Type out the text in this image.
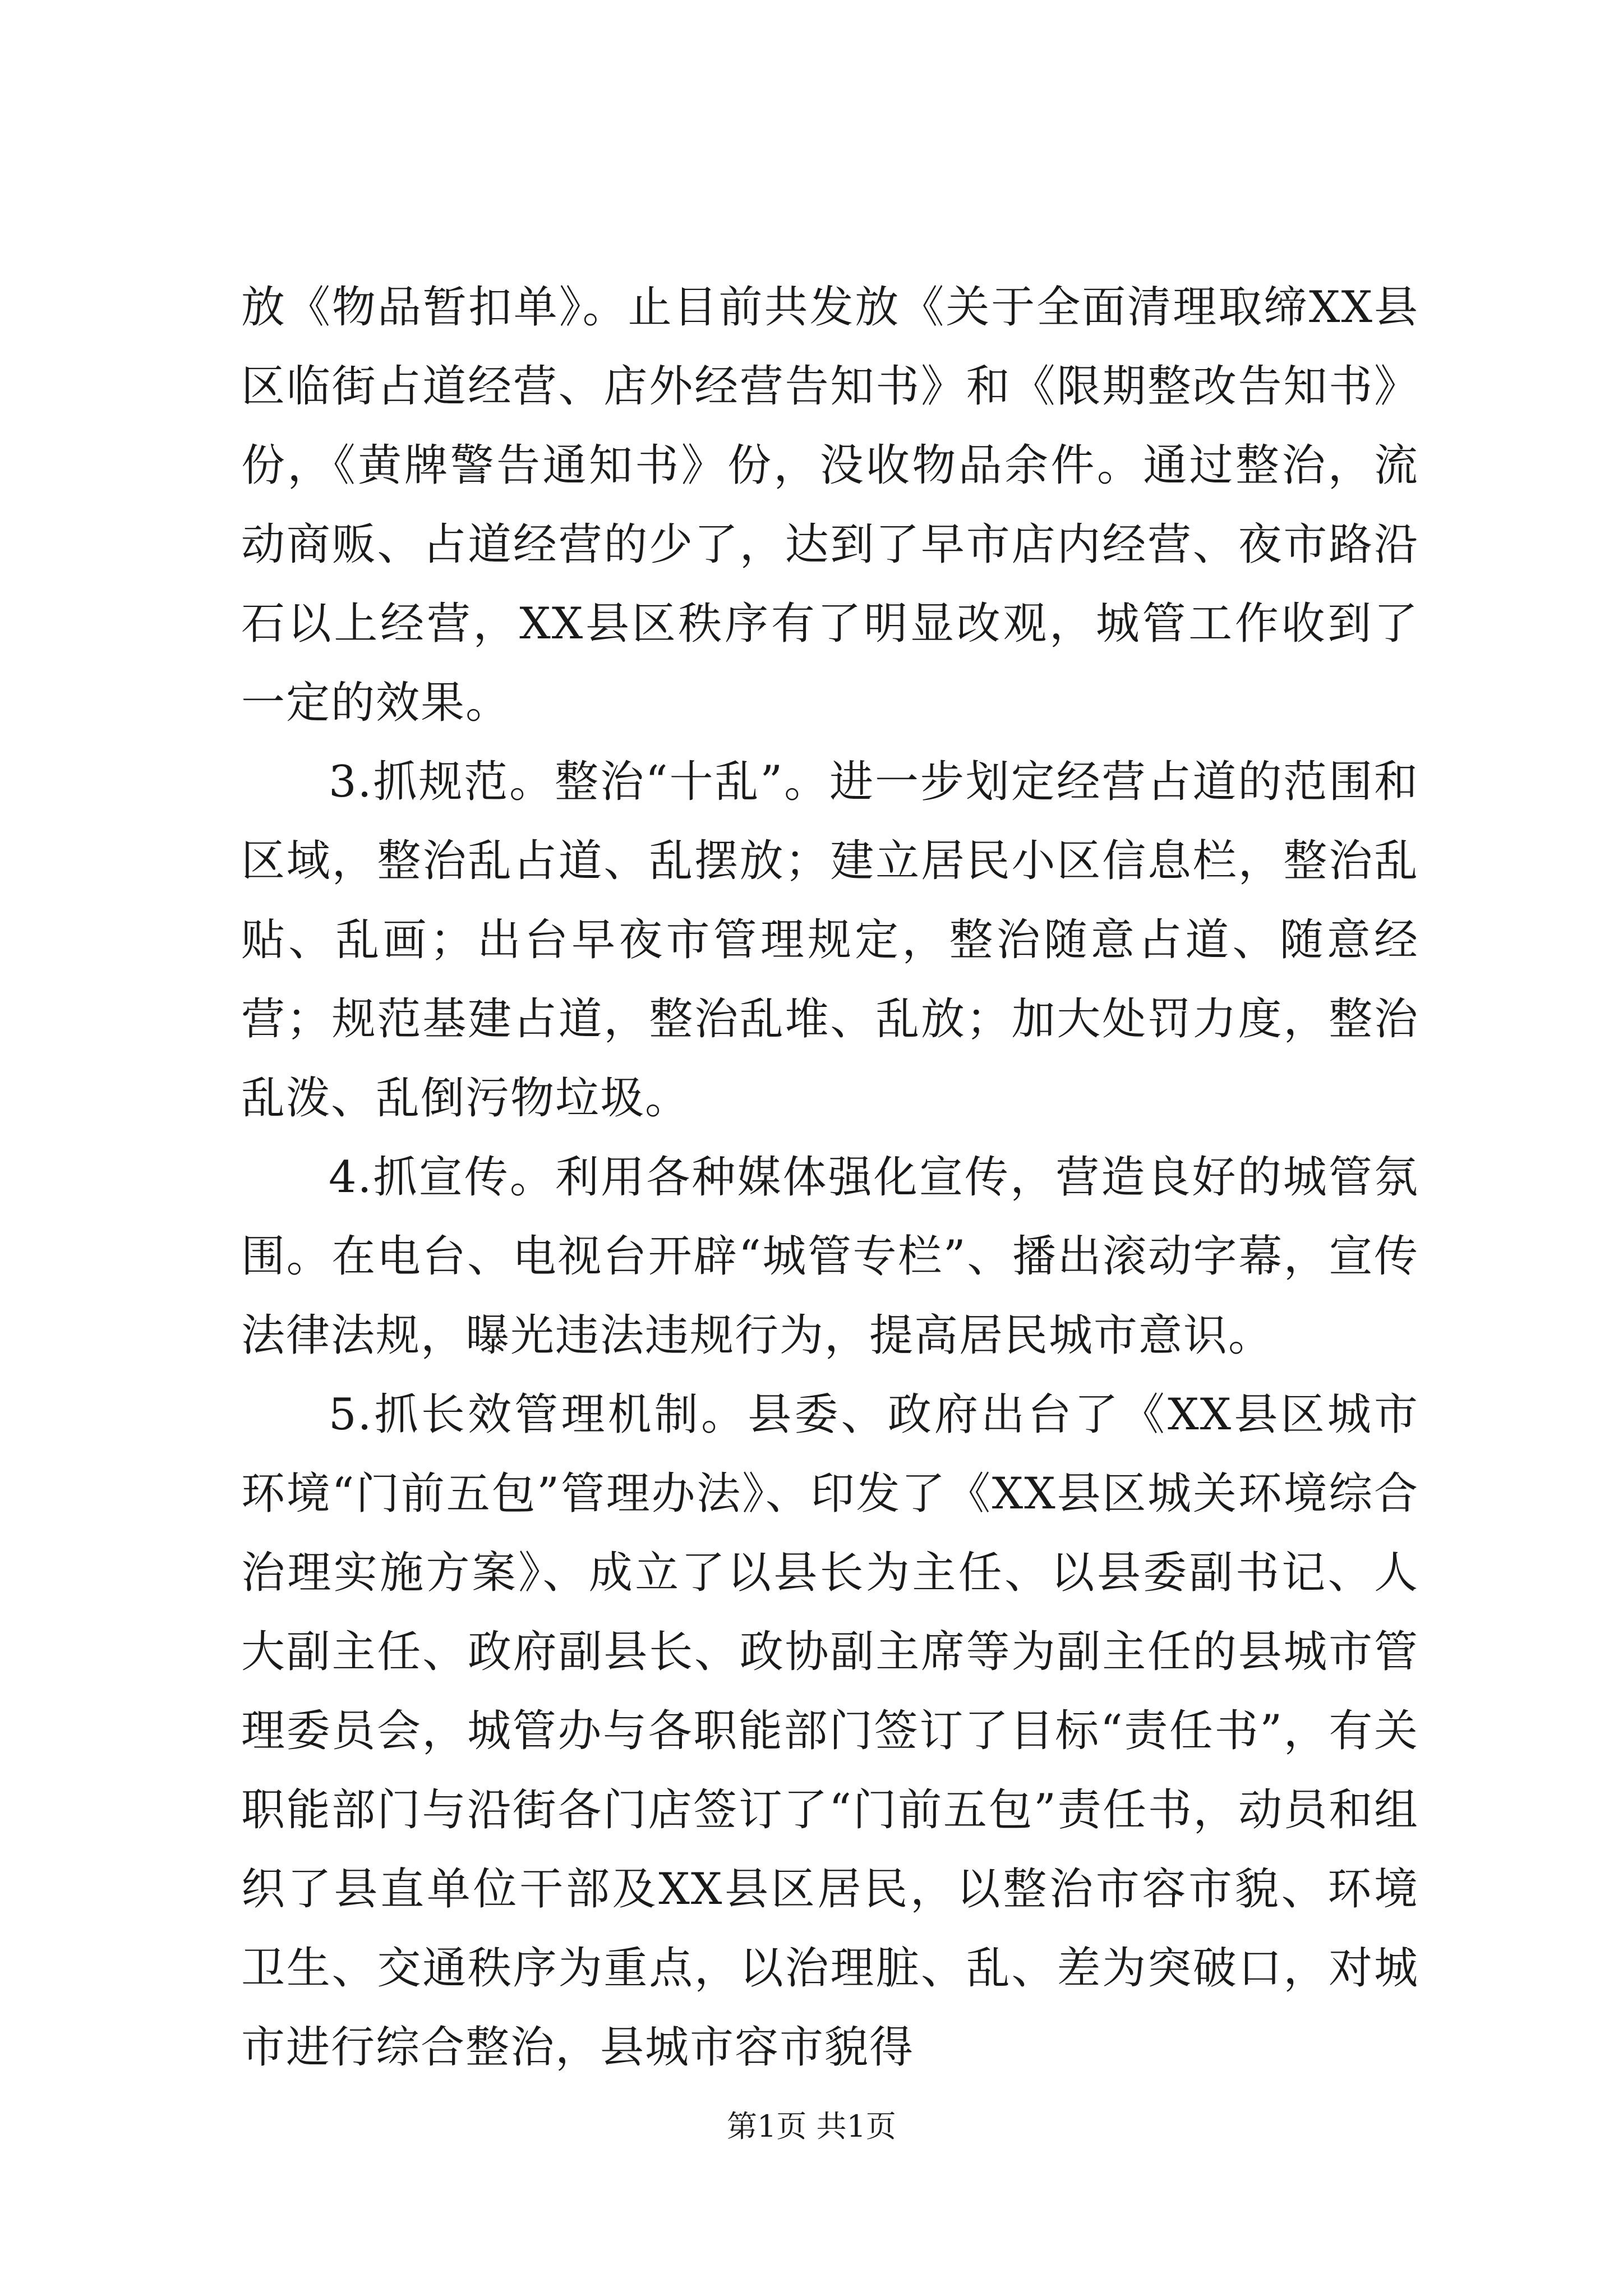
放《物品暂扣单》。止目前共发放《关于全面清理取缔XX县区临街占道经营、店外经营告知书》和《限期整改告知书》份，《黄牌警告通知书》份，没收物品余件。通过整治，流动商贩、占道经营的少了，达到了早市店内经营、夜市路沿石以上经营，XX县区秩序有了明显改观，城管工作收到了一定的效果。

3.抓规范。整治“十乱”。进一步划定经营占道的范围和区域，整治乱占道、乱摆放；建立居民小区信息栏，整治乱贴、乱画；出台早夜市管理规定，整治随意占道、随意经营；规范基建占道，整治乱堆、乱放；加大处罚力度，整治乱泼、乱倒污物垃圾。

4.抓宣传。利用各种媒体强化宣传，营造良好的城管氛围。在电台、电视台开辟“城管专栏”、播出滚动字幕，宣传法律法规，曝光违法违规行为，提高居民城市意识。

5.抓长效管理机制。县委、政府出台了《XX县区城市环境“门前五包”管理办法》、印发了《XX县区城关环境综合治理实施方案》、成立了以县长为主任、以县委副书记、人大副主任、政府副县长、政协副主席等为副主任的县城市管理委员会，城管办与各职能部门签订了目标“责任书”，有关职能部门与沿街各门店签订了“门前五包”责任书，动员和组织了县直单位干部及XX县区居民，以整治市容市貌、环境卫生、交通秩序为重点，以治理脏、乱、差为突破口，对城市进行综合整治，县城市容市貌得

第1页 共1页
